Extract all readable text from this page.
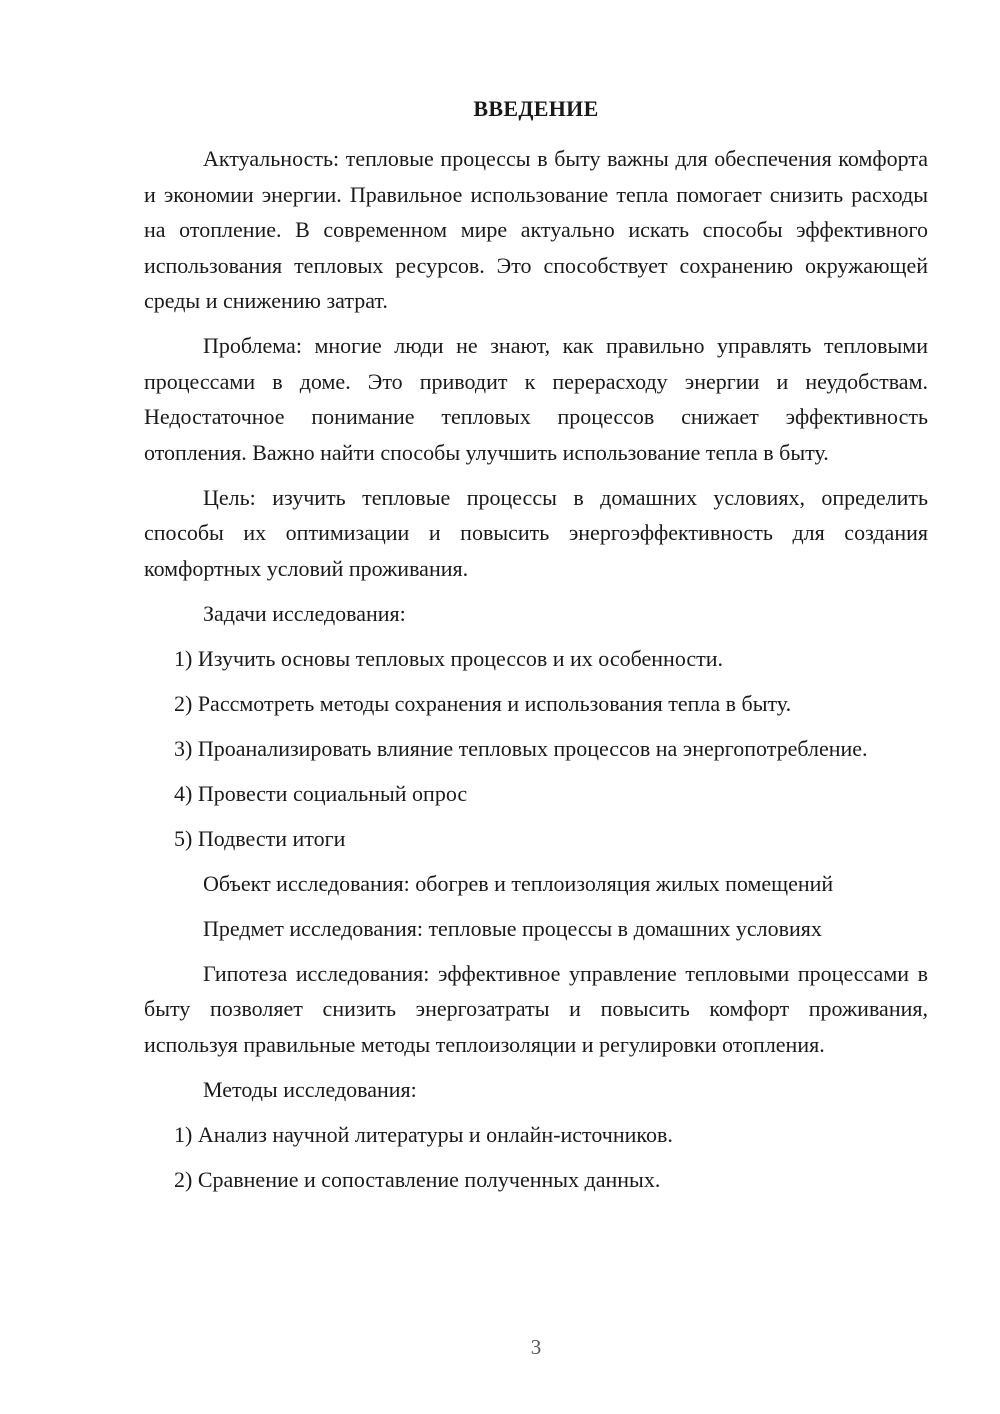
ВВЕДЕНИЕ

Актуальность: тепловые процессы в быту важны для обеспечения комфорта и экономии энергии. Правильное использование тепла помогает снизить расходы на отопление. В современном мире актуально искать способы эффективного использования тепловых ресурсов. Это способствует сохранению окружающей среды и снижению затрат.

Проблема: многие люди не знают, как правильно управлять тепловыми процессами в доме. Это приводит к перерасходу энергии и неудобствам. Недостаточное понимание тепловых процессов снижает эффективность отопления. Важно найти способы улучшить использование тепла в быту.

Цель: изучить тепловые процессы в домашних условиях, определить способы их оптимизации и повысить энергоэффективность для создания комфортных условий проживания.

Задачи исследования:

1) Изучить основы тепловых процессов и их особенности.

2) Рассмотреть методы сохранения и использования тепла в быту.

3) Проанализировать влияние тепловых процессов на энергопотребление.

4) Провести социальный опрос

5) Подвести итоги

Объект исследования: обогрев и теплоизоляция жилых помещений

Предмет исследования: тепловые процессы в домашних условиях

Гипотеза исследования: эффективное управление тепловыми процессами в быту позволяет снизить энергозатраты и повысить комфорт проживания, используя правильные методы теплоизоляции и регулировки отопления.

Методы исследования:

1) Анализ научной литературы и онлайн-источников.

2) Сравнение и сопоставление полученных данных.

3
